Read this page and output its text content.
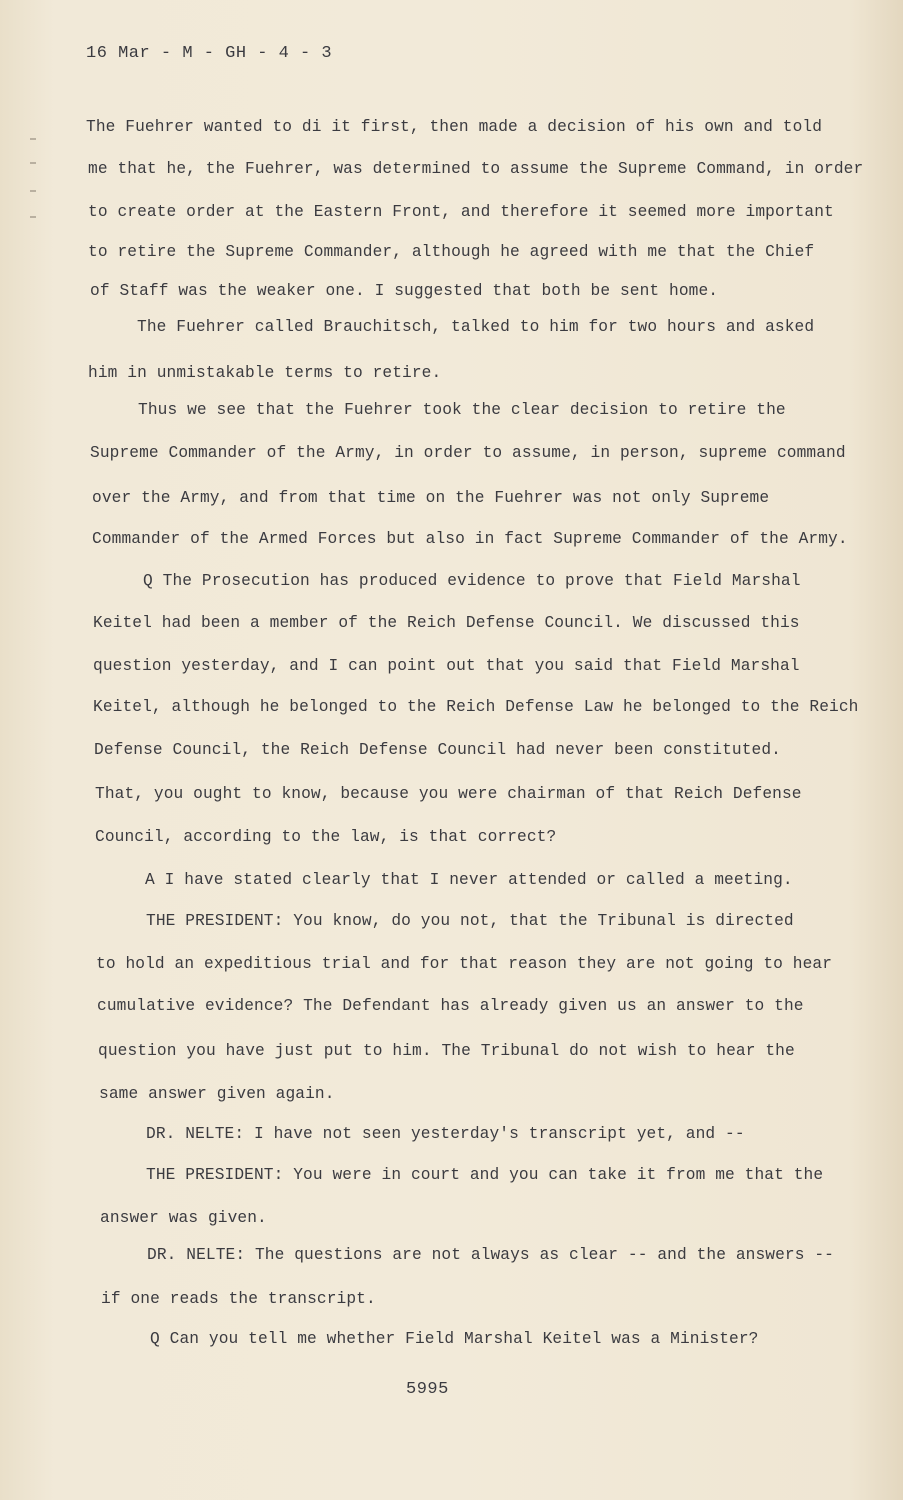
16 Mar - M - GH - 4 - 3
The Fuehrer wanted to di it first, then made a decision of his own and told
me that he, the Fuehrer, was determined to assume the Supreme Command, in order
to create order at the Eastern Front, and therefore it seemed more important
to retire the Supreme Commander, although he agreed with me that the Chief
of Staff was the weaker one. I suggested that both be sent home.
The Fuehrer called Brauchitsch, talked to him for two hours and asked
him in unmistakable terms to retire.
Thus we see that the Fuehrer took the clear decision to retire the
Supreme Commander of the Army, in order to assume, in person, supreme command
over the Army, and from that time on the Fuehrer was not only Supreme
Commander of the Armed Forces but also in fact Supreme Commander of the Army.
Q The Prosecution has produced evidence to prove that Field Marshal
Keitel had been a member of the Reich Defense Council. We discussed this
question yesterday, and I can point out that you said that Field Marshal
Keitel, although he belonged to the Reich Defense Law he belonged to the Reich
Defense Council, the Reich Defense Council had never been constituted.
That, you ought to know, because you were chairman of that Reich Defense
Council, according to the law, is that correct?
A I have stated clearly that I never attended or called a meeting.
THE PRESIDENT: You know, do you not, that the Tribunal is directed
to hold an expeditious trial and for that reason they are not going to hear
cumulative evidence? The Defendant has already given us an answer to the
question you have just put to him. The Tribunal do not wish to hear the
same answer given again.
DR. NELTE: I have not seen yesterday's transcript yet, and --
THE PRESIDENT: You were in court and you can take it from me that the
answer was given.
DR. NELTE: The questions are not always as clear -- and the answers --
if one reads the transcript.
Q Can you tell me whether Field Marshal Keitel was a Minister?
5995
